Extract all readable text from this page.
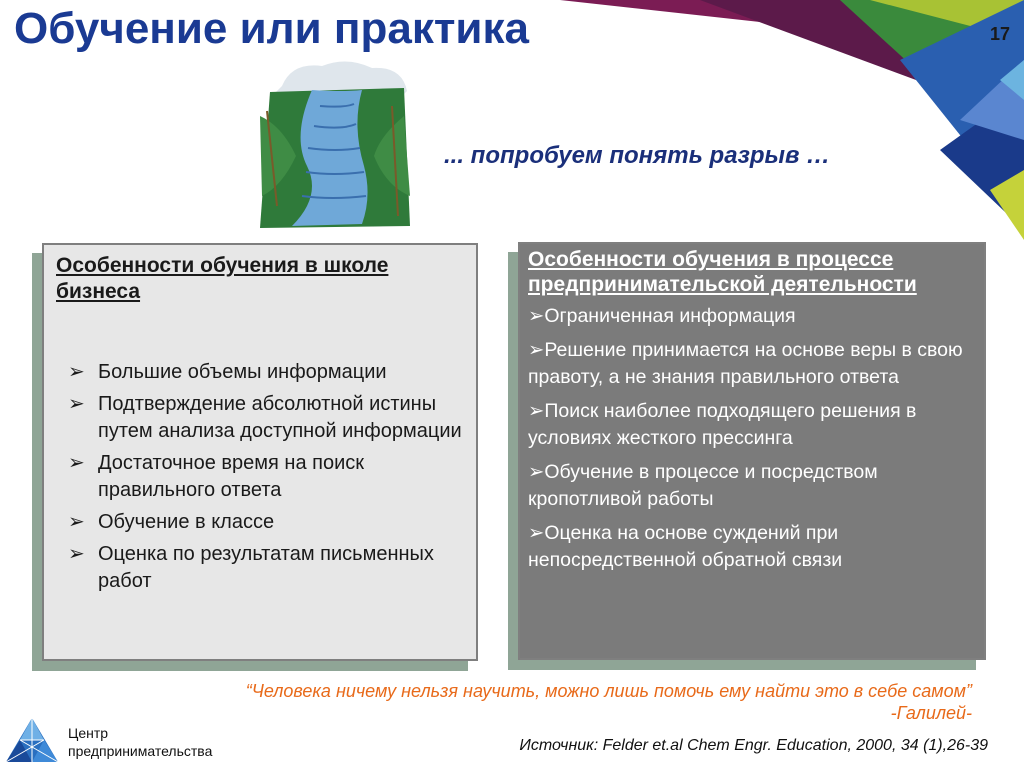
Обучение или практика	17
... попробуем понять разрыв …
Особенности обучения в школе бизнеса
➢ Большие объемы информации
➢ Подтверждение абсолютной истины путем анализа доступной информации
➢ Достаточное время на поиск правильного ответа
➢ Обучение в классе
➢ Оценка по результатам письменных работ
Особенности обучения в процессе предпринимательской деятельности
➢Ограниченная информация
➢Решение принимается на основе веры в свою правоту, а не знания правильного ответа
➢Поиск наиболее подходящего решения в условиях жесткого прессинга
➢Обучение в процессе и посредством кропотливой работы
➢Оценка на основе суждений при непосредственной обратной связи
“Человека ничему нельзя научить, можно лишь помочь ему найти это в себе самом”
-Галилей-
Центр
предпринимательства	Источник: Felder et.al Chem Engr. Education, 2000, 34 (1),26-39
